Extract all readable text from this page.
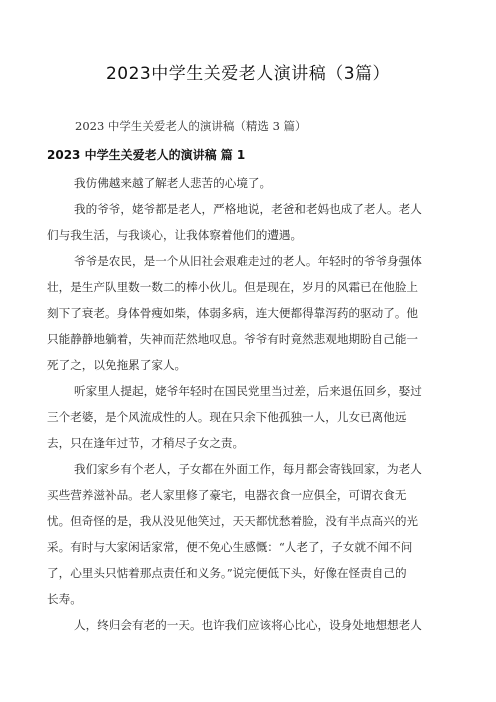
2023中学生关爱老人演讲稿（3篇）
2023 中学生关爱老人的演讲稿（精选 3 篇）
2023 中学生关爱老人的演讲稿 篇 1

我仿佛越来越了解老人悲苦的心境了。

我的爷爷，姥爷都是老人，严格地说，老爸和老妈也成了老人。老人
们与我生活，与我谈心，让我体察着他们的遭遇。

爷爷是农民，是一个从旧社会艰难走过的老人。年轻时的爷爷身强体
壮，是生产队里数一数二的棒小伙儿。但是现在，岁月的风霜已在他脸上
刻下了衰老。身体骨瘦如柴，体弱多病，连大便都得靠泻药的驱动了。他
只能静静地躺着，失神而茫然地叹息。爷爷有时竟然悲观地期盼自己能一
死了之，以免拖累了家人。

听家里人提起，姥爷年轻时在国民党里当过差，后来退伍回乡，娶过
三个老婆，是个风流成性的人。现在只余下他孤独一人，儿女已离他远
去，只在逢年过节，才稍尽子女之责。

我们家乡有个老人，子女都在外面工作，每月都会寄钱回家，为老人
买些营养滋补品。老人家里修了豪宅，电器衣食一应俱全，可谓衣食无
忧。但奇怪的是，我从没见他笑过，天天都忧愁着脸，没有半点高兴的光
采。有时与大家闲话家常，便不免心生感慨：“人老了，子女就不闻不问
了，心里头只惦着那点责任和义务。”说完便低下头，好像在怪责自己的
长寿。

人，终归会有老的一天。也许我们应该将心比心，设身处地想想老人
